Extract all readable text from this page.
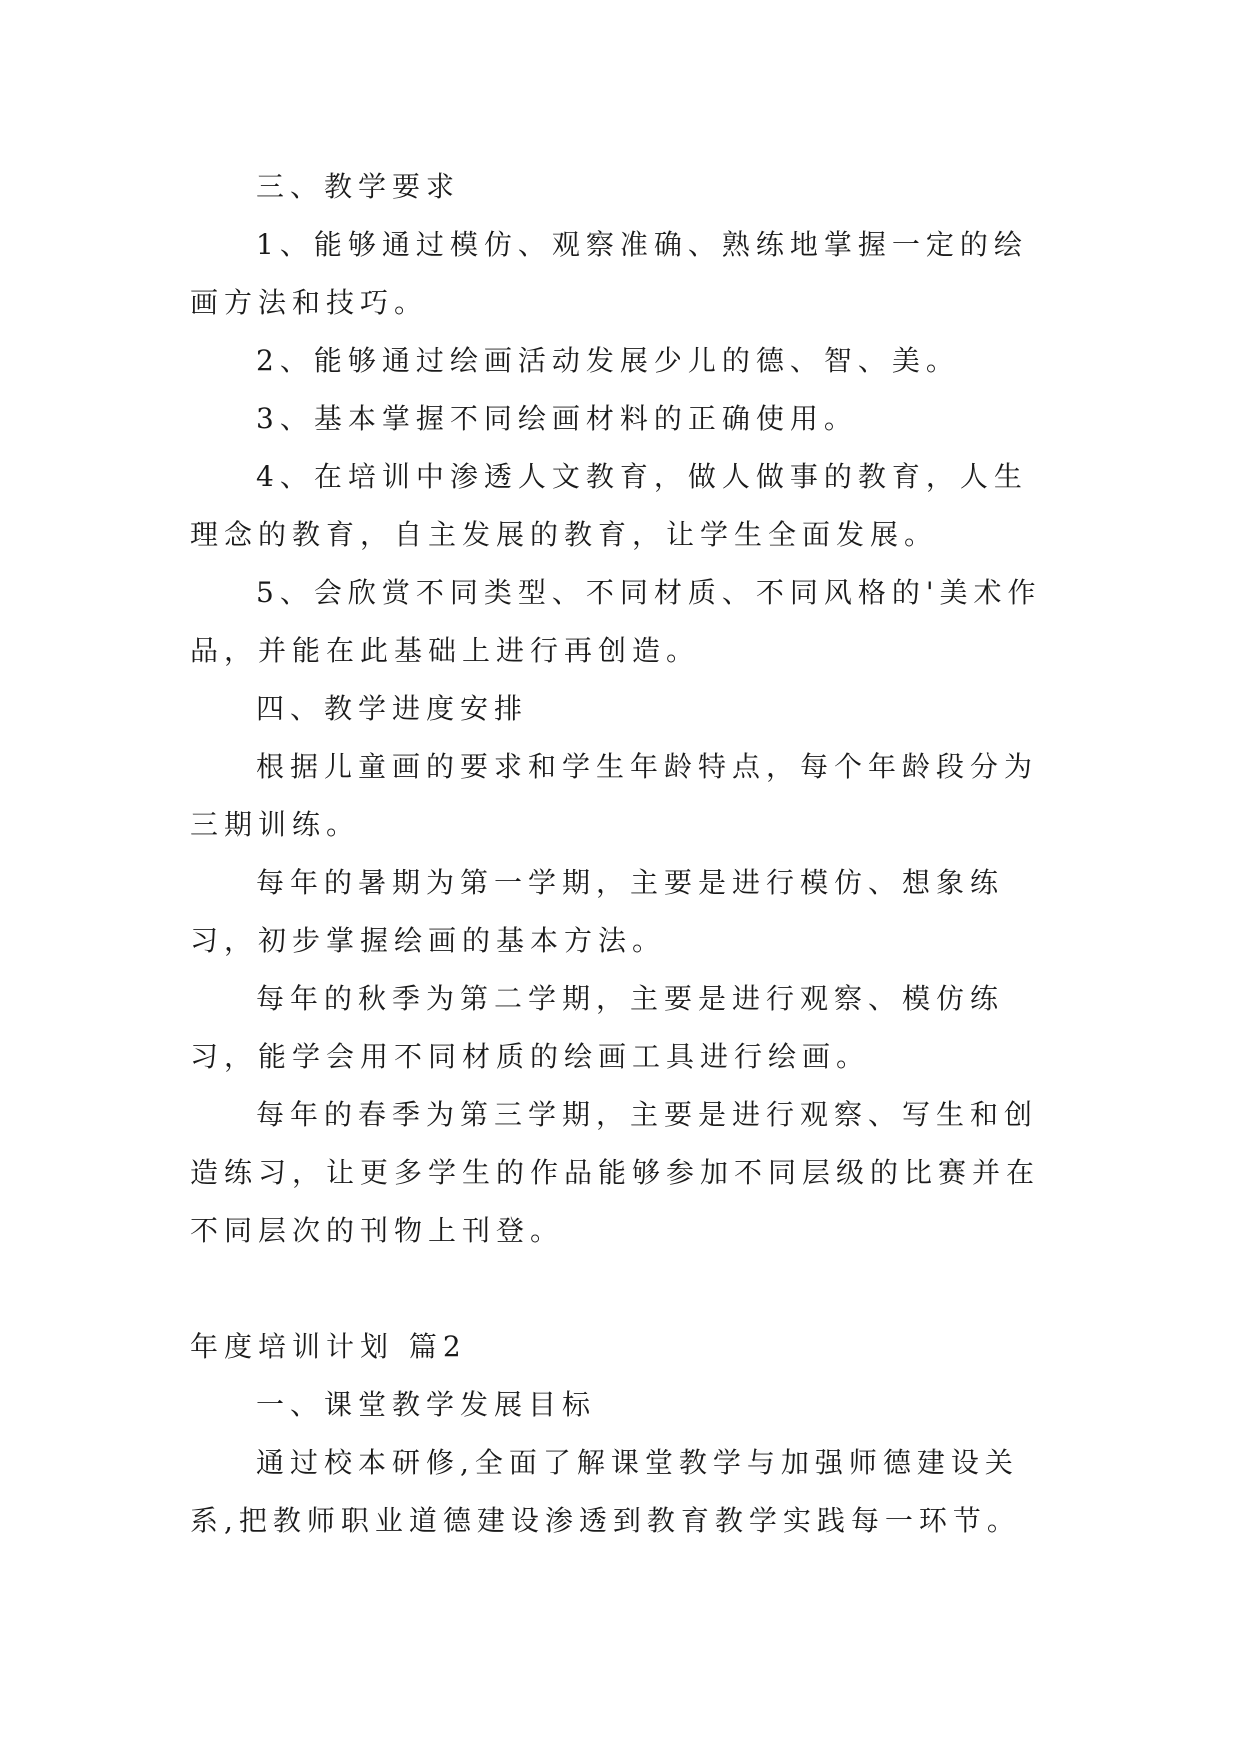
三、教学要求

1、能够通过模仿、观察准确、熟练地掌握一定的绘画方法和技巧。

2、能够通过绘画活动发展少儿的德、智、美。

3、基本掌握不同绘画材料的正确使用。

4、在培训中渗透人文教育，做人做事的教育，人生理念的教育，自主发展的教育，让学生全面发展。

5、会欣赏不同类型、不同材质、不同风格的'美术作品，并能在此基础上进行再创造。

四、教学进度安排

根据儿童画的要求和学生年龄特点，每个年龄段分为三期训练。

每年的暑期为第一学期，主要是进行模仿、想象练习，初步掌握绘画的基本方法。

每年的秋季为第二学期，主要是进行观察、模仿练习，能学会用不同材质的绘画工具进行绘画。

每年的春季为第三学期，主要是进行观察、写生和创造练习，让更多学生的作品能够参加不同层级的比赛并在不同层次的刊物上刊登。

年度培训计划 篇2

一、课堂教学发展目标

通过校本研修,全面了解课堂教学与加强师德建设关系,把教师职业道德建设渗透到教育教学实践每一环节。
